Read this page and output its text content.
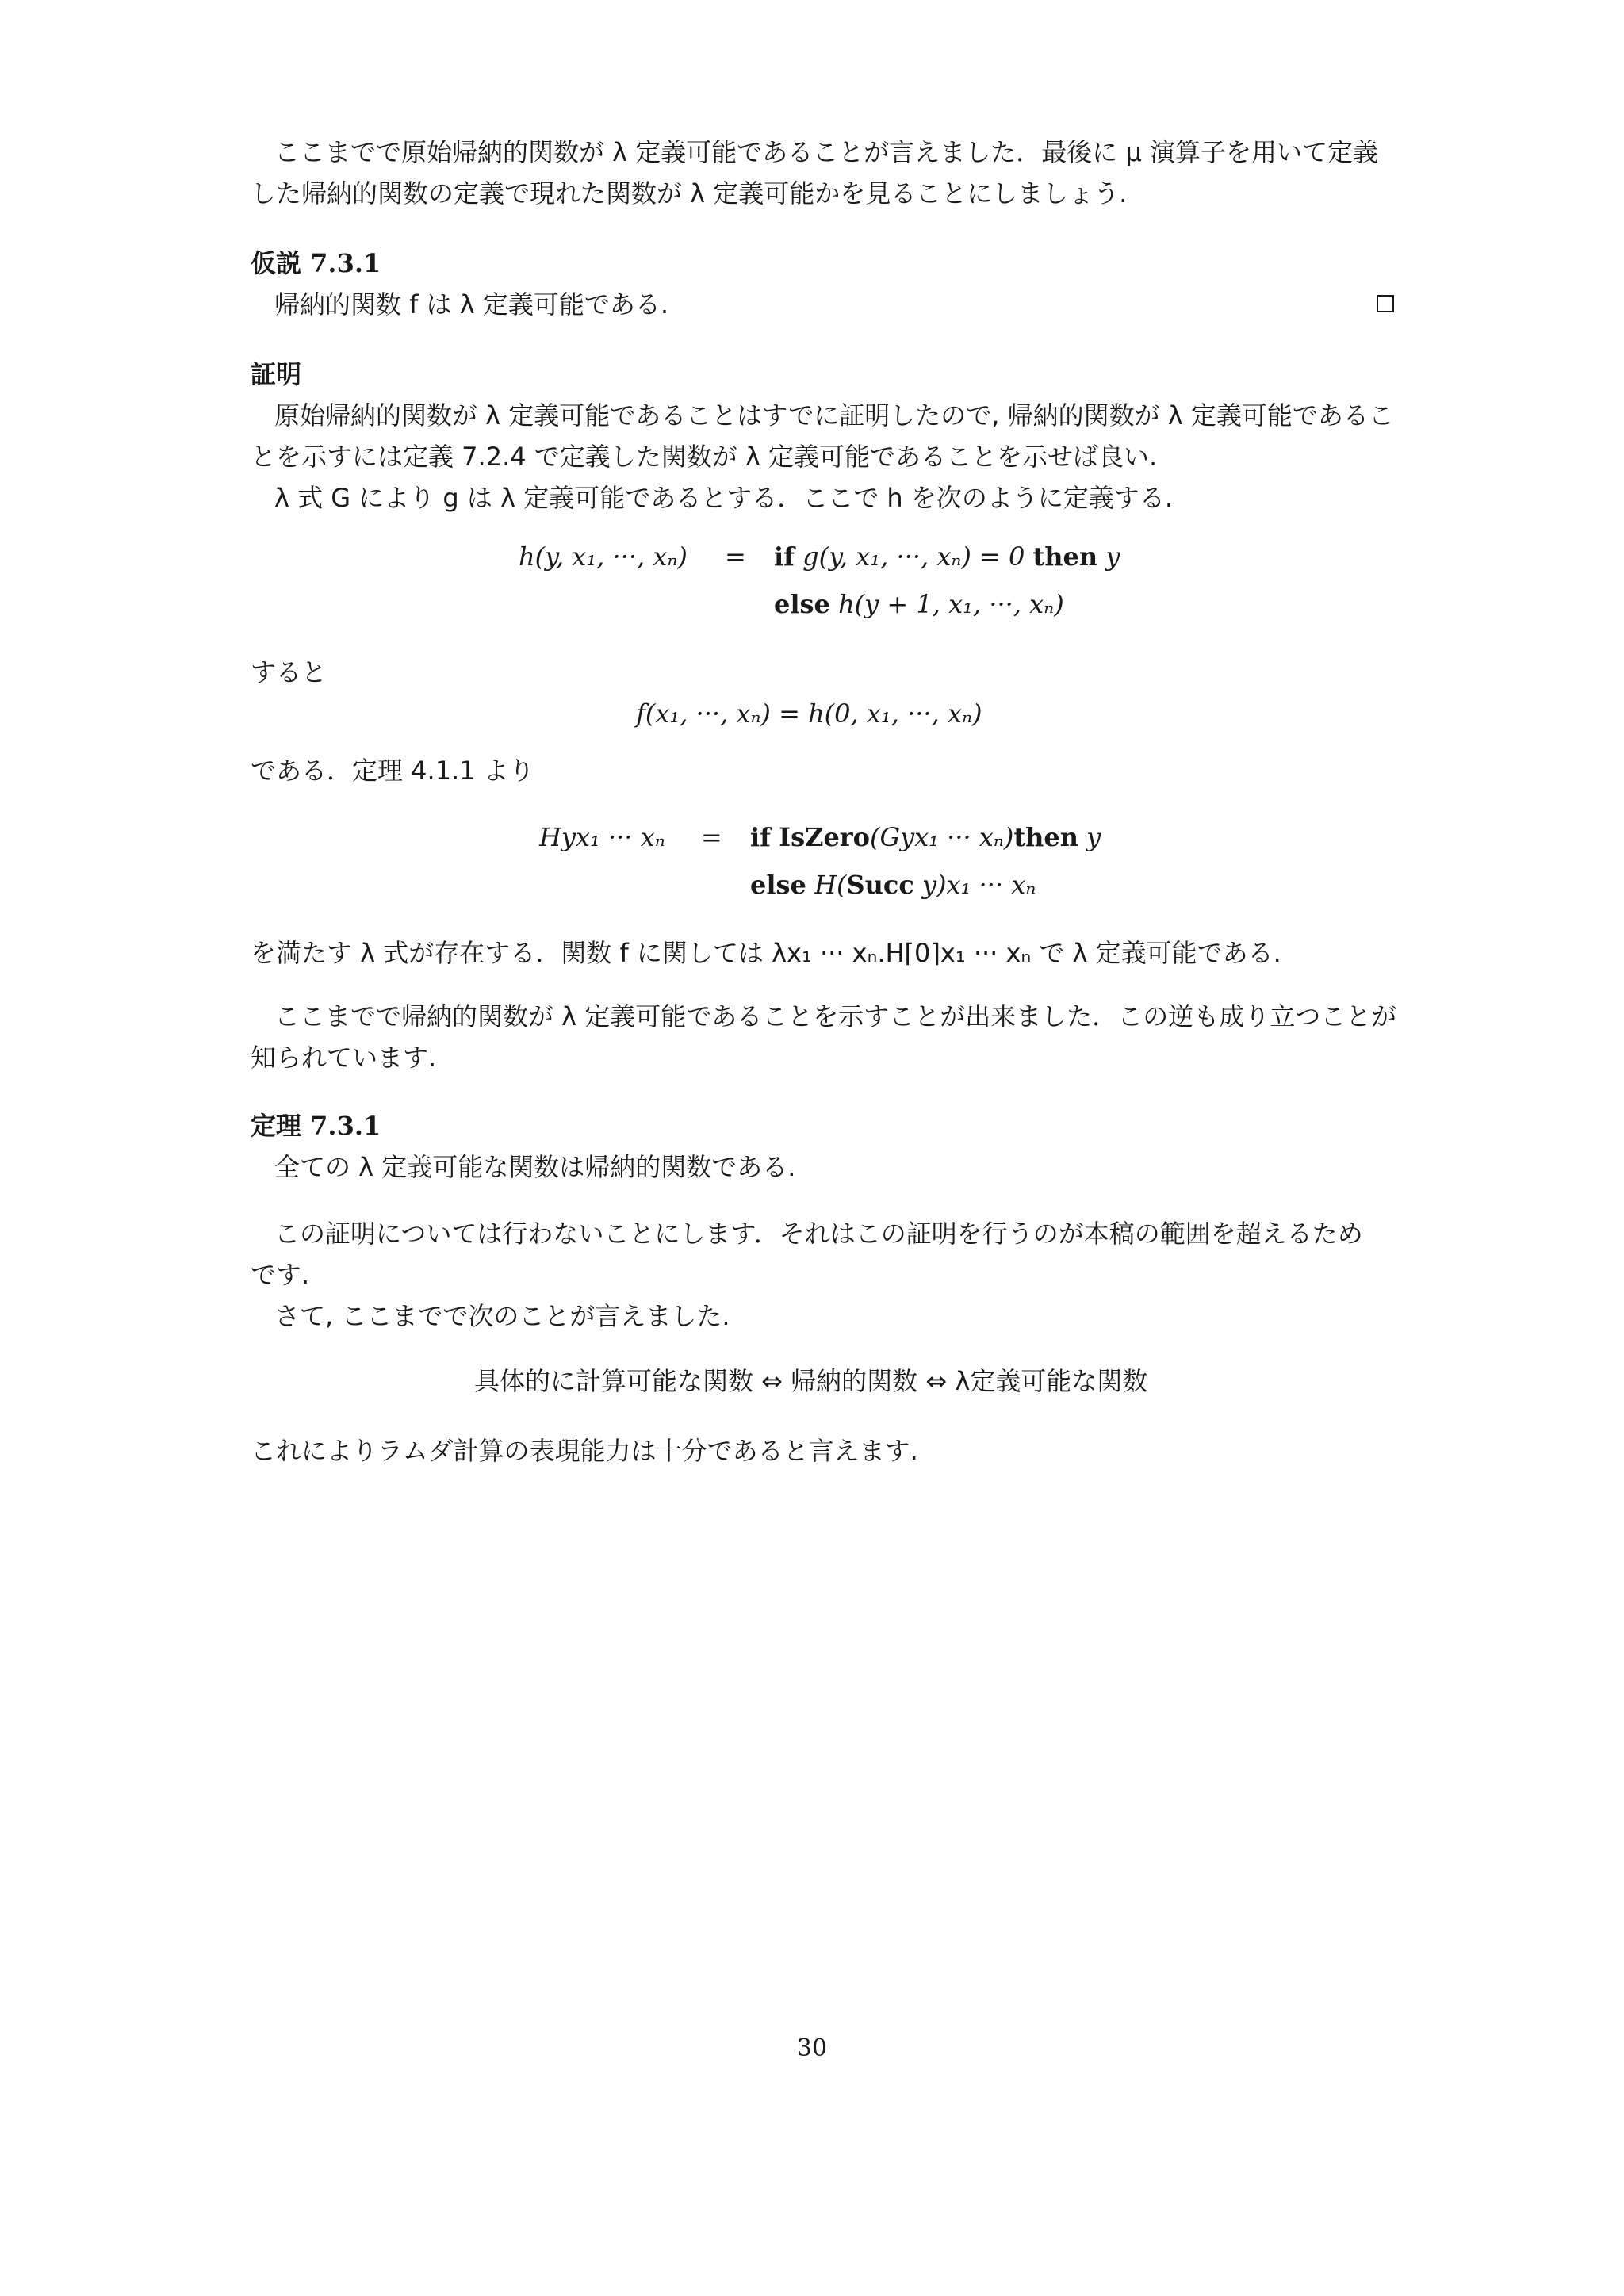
ここまでで原始帰納的関数が λ 定義可能であることが言えました．最後に μ 演算子を用いて定義
した帰納的関数の定義で現れた関数が λ 定義可能かを見ることにしましょう.
仮説 7.3.1
帰納的関数 f は λ 定義可能である.
証明
原始帰納的関数が λ 定義可能であることはすでに証明したので, 帰納的関数が λ 定義可能であるこ
とを示すには定義 7.2.4 で定義した関数が λ 定義可能であることを示せば良い.
λ 式 G により g は λ 定義可能であるとする．ここで h を次のように定義する.
h(y, x₁, ···, xₙ) = if g(y, x₁, ···, xₙ) = 0 then y
else h(y + 1, x₁, ···, xₙ)
すると
f(x₁, ···, xₙ) = h(0, x₁, ···, xₙ)
である．定理 4.1.1 より
Hyx₁ ··· xₙ = if IsZero(Gyx₁ ··· xₙ)then y
else H(Succ y)x₁ ··· xₙ
を満たす λ 式が存在する．関数 f に関しては λx₁ ··· xₙ.H⌈0⌉x₁ ··· xₙ で λ 定義可能である.
ここまでで帰納的関数が λ 定義可能であることを示すことが出来ました．この逆も成り立つことが
知られています.
定理 7.3.1
全ての λ 定義可能な関数は帰納的関数である.
この証明については行わないことにします．それはこの証明を行うのが本稿の範囲を超えるため
です.
さて, ここまでで次のことが言えました.
具体的に計算可能な関数 ⇔ 帰納的関数 ⇔ λ定義可能な関数
これによりラムダ計算の表現能力は十分であると言えます.
30
